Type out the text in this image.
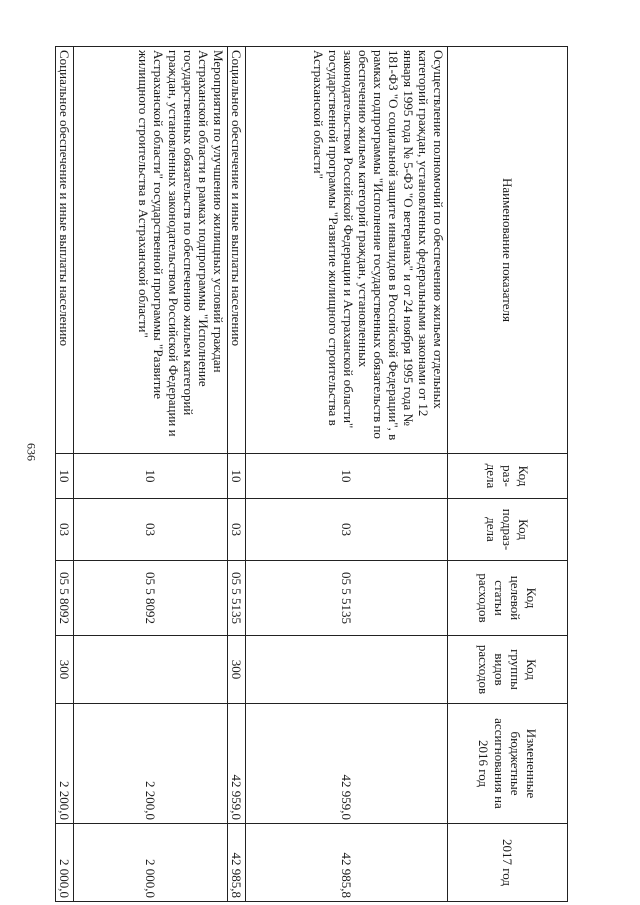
636
Наименование показателя	Код раз-дела	Код подраз-дела	Код целевой статьи расходов	Код группы видов расходов	Измененные бюджетные ассигнования на 2016 год	2017 год
Осуществление полномочий по обеспечению жильем отдельных категорий граждан, установленных федеральными законами от 12 января 1995 года № 5-ФЗ "О ветеранах" и от 24 ноября 1995 года № 181-ФЗ "О социальной защите инвалидов в Российской Федерации", в рамках подпрограммы "Исполнение государственных обязательств по обеспечению жильем категорий граждан, установленных законодательством Российской Федерации и Астраханской области" государственной программы "Развитие жилищного строительства в Астраханской области"	10	03	05 5 5135		42 959,0	42 985,8
Социальное обеспечение и иные выплаты населению	10	03	05 5 5135	300	42 959,0	42 985,8
Мероприятия по улучшению жилищных условий граждан Астраханской области в рамках подпрограммы "Исполнение государственных обязательств по обеспечению жильем категорий граждан, установленных законодательством Российской Федерации и Астраханской области" государственной программы "Развитие жилищного строительства в Астраханской области"	10	03	05 5 8092		2 200,0	2 000,0
Социальное обеспечение и иные выплаты населению	10	03	05 5 8092	300	2 200,0	2 000,0
